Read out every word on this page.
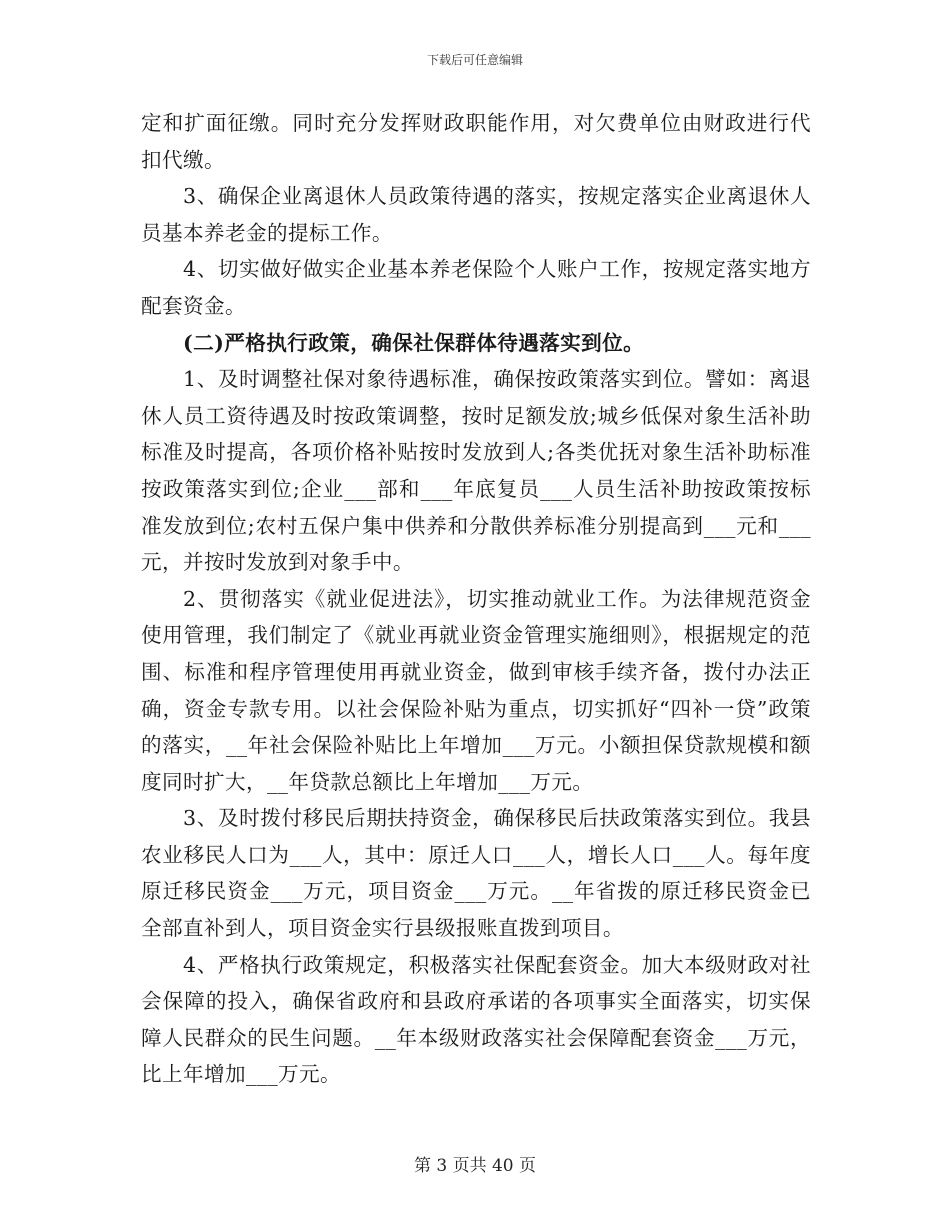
下载后可任意编辑

定和扩面征缴。同时充分发挥财政职能作用，对欠费单位由财政进行代扣代缴。

3、确保企业离退休人员政策待遇的落实，按规定落实企业离退休人员基本养老金的提标工作。

4、切实做好做实企业基本养老保险个人账户工作，按规定落实地方配套资金。

(二)严格执行政策，确保社保群体待遇落实到位。

1、及时调整社保对象待遇标准，确保按政策落实到位。譬如：离退休人员工资待遇及时按政策调整，按时足额发放;城乡低保对象生活补助标准及时提高，各项价格补贴按时发放到人;各类优抚对象生活补助标准按政策落实到位;企业___部和___年底复员___人员生活补助按政策按标准发放到位;农村五保户集中供养和分散供养标准分别提高到___元和___元，并按时发放到对象手中。

2、贯彻落实《就业促进法》，切实推动就业工作。为法律规范资金使用管理，我们制定了《就业再就业资金管理实施细则》，根据规定的范围、标准和程序管理使用再就业资金，做到审核手续齐备，拨付办法正确，资金专款专用。以社会保险补贴为重点，切实抓好“四补一贷”政策的落实，__年社会保险补贴比上年增加___万元。小额担保贷款规模和额度同时扩大，__年贷款总额比上年增加___万元。

3、及时拨付移民后期扶持资金，确保移民后扶政策落实到位。我县农业移民人口为___人，其中：原迁人口___人，增长人口___人。每年度原迁移民资金___万元，项目资金___万元。__年省拨的原迁移民资金已全部直补到人，项目资金实行县级报账直拨到项目。

4、严格执行政策规定，积极落实社保配套资金。加大本级财政对社会保障的投入，确保省政府和县政府承诺的各项事实全面落实，切实保障人民群众的民生问题。__年本级财政落实社会保障配套资金___万元，比上年增加___万元。

第 3 页共 40 页
